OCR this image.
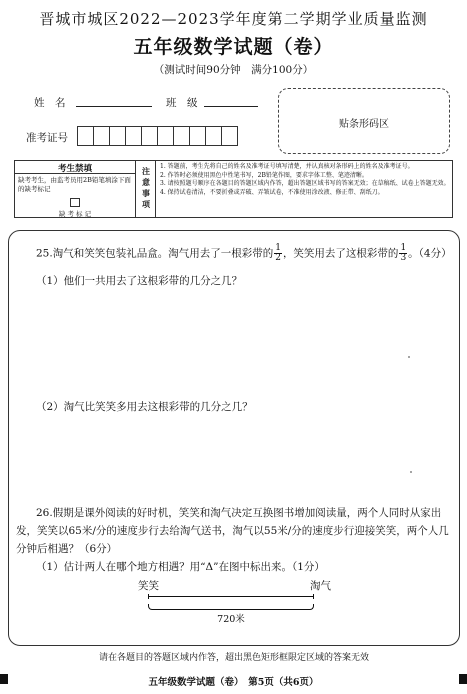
晋城市城区2022—2023学年度第二学期学业质量监测
五年级数学试题（卷）
（测试时间90分钟　满分100分）
姓　名	班　级
准考证号
贴条形码区
考生禁填
缺考考生，由监考员用2B铅笔填涂下面的缺考标记
缺 考 标 记
注
意
事
项
1. 答题前，考生先将自己的姓名及准考证号填写清楚，并认真核对条形码上的姓名及准考证号。
2. 作答时必须使用黑色中性笔书写，2B铅笔作图，要求字体工整、笔迹清晰。
3. 请按照题号顺序在各题目的答题区域内作答，超出答题区域书写的答案无效；在草稿纸、试卷上答题无效。
4. 保持试卷清洁，不要折叠或弄破、弄皱试卷，不准使用涂改液、修正带、刮纸刀。
25.淘气和笑笑包装礼品盒。淘气用去了一根彩带的 $\frac{1}{2}$ ，笑笑用去了这根彩带的 $\frac{1}{3}$ 。（4分）
（1）他们一共用去了这根彩带的几分之几？
（2）淘气比笑笑多用去这根彩带的几分之几？
26.假期是课外阅读的好时机，笑笑和淘气决定互换图书增加阅读量，两个人同时从家出
发，笑笑以65米/分的速度步行去给淘气送书，淘气以55米/分的速度步行迎接笑笑，两个人几
分钟后相遇？（6分）
（1）估计两人在哪个地方相遇？用“Δ”在图中标出来。（1分）
笑笑	淘气
720米
请在各题目的答题区域内作答，超出黑色矩形框限定区域的答案无效
五年级数学试题（卷）　第5页（共6页）
